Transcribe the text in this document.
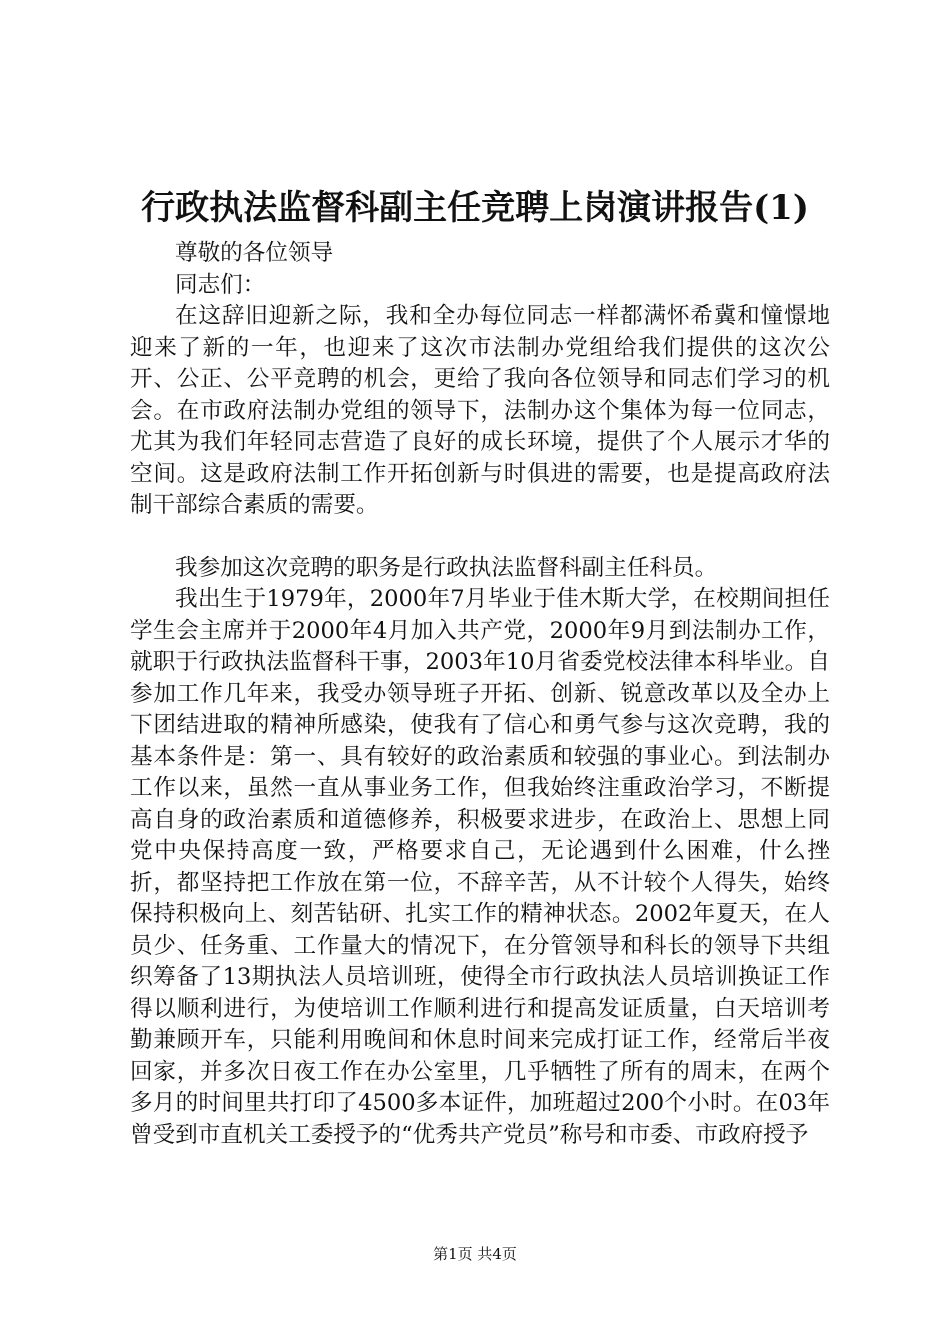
行政执法监督科副主任竞聘上岗演讲报告(1)

尊敬的各位领导

同志们：

在这辞旧迎新之际，我和全办每位同志一样都满怀希冀和憧憬地迎来了新的一年，也迎来了这次市法制办党组给我们提供的这次公开、公正、公平竞聘的机会，更给了我向各位领导和同志们学习的机会。在市政府法制办党组的领导下，法制办这个集体为每一位同志，尤其为我们年轻同志营造了良好的成长环境，提供了个人展示才华的空间。这是政府法制工作开拓创新与时俱进的需要，也是提高政府法制干部综合素质的需要。

我参加这次竞聘的职务是行政执法监督科副主任科员。

我出生于1979年，2000年7月毕业于佳木斯大学，在校期间担任学生会主席并于2000年4月加入共产党，2000年9月到法制办工作，就职于行政执法监督科干事，2003年10月省委党校法律本科毕业。自参加工作几年来，我受办领导班子开拓、创新、锐意改革以及全办上下团结进取的精神所感染，使我有了信心和勇气参与这次竞聘，我的基本条件是：第一、具有较好的政治素质和较强的事业心。到法制办工作以来，虽然一直从事业务工作，但我始终注重政治学习，不断提高自身的政治素质和道德修养，积极要求进步，在政治上、思想上同党中央保持高度一致，严格要求自己，无论遇到什么困难，什么挫折，都坚持把工作放在第一位，不辞辛苦，从不计较个人得失，始终保持积极向上、刻苦钻研、扎实工作的精神状态。2002年夏天，在人员少、任务重、工作量大的情况下，在分管领导和科长的领导下共组织筹备了13期执法人员培训班，使得全市行政执法人员培训换证工作得以顺利进行，为使培训工作顺利进行和提高发证质量，白天培训考勤兼顾开车，只能利用晚间和休息时间来完成打证工作，经常后半夜回家，并多次日夜工作在办公室里，几乎牺牲了所有的周末，在两个多月的时间里共打印了4500多本证件，加班超过200个小时。在03年曾受到市直机关工委授予的“优秀共产党员”称号和市委、市政府授予

第1页 共4页
